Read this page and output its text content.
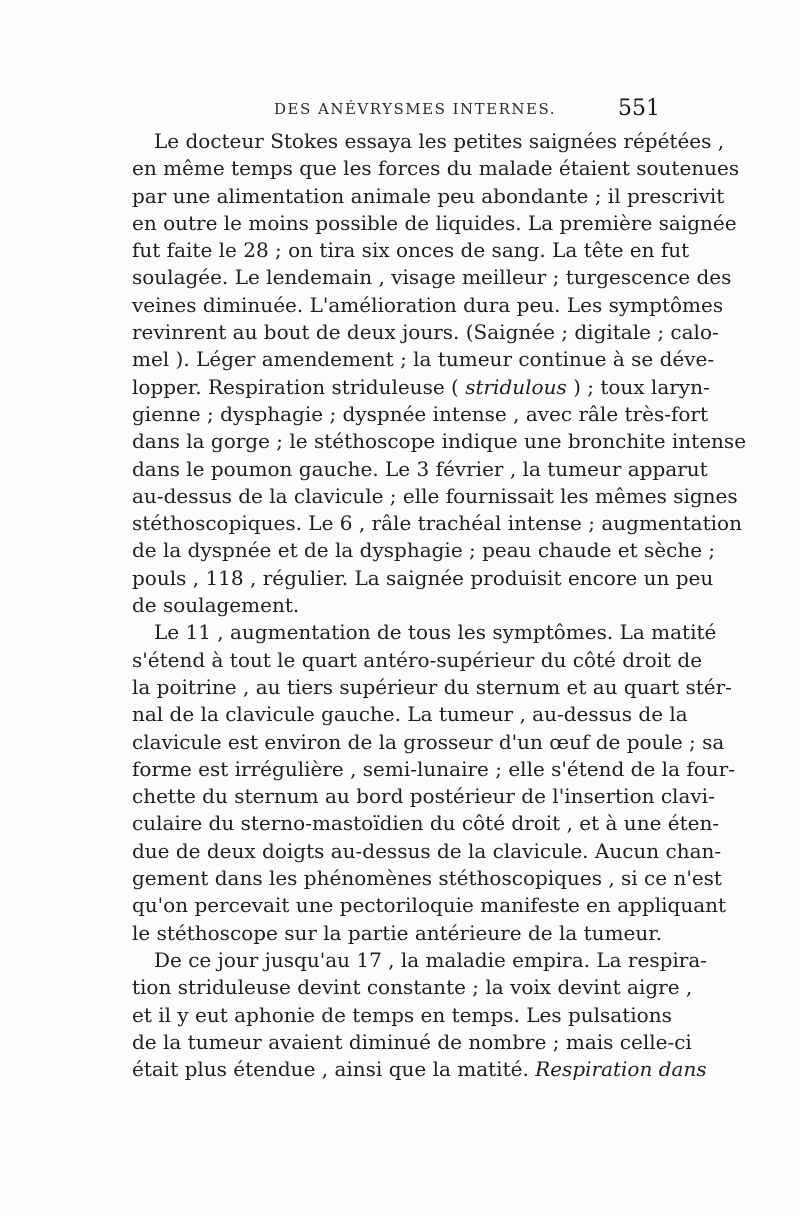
DES ANÉVRYSMES INTERNES.	551
Le docteur Stokes essaya les petites saignées répétées ,
en même temps que les forces du malade étaient soutenues
par une alimentation animale peu abondante ; il prescrivit
en outre le moins possible de liquides. La première saignée
fut faite le 28 ; on tira six onces de sang. La tête en fut
soulagée. Le lendemain , visage meilleur ; turgescence des
veines diminuée. L'amélioration dura peu. Les symptômes
revinrent au bout de deux jours. (Saignée ; digitale ; calo-
mel ). Léger amendement ; la tumeur continue à se déve-
lopper. Respiration striduleuse ( stridulous ) ; toux laryn-
gienne ; dysphagie ; dyspnée intense , avec râle très-fort
dans la gorge ; le stéthoscope indique une bronchite intense
dans le poumon gauche. Le 3 février , la tumeur apparut
au-dessus de la clavicule ; elle fournissait les mêmes signes
stéthoscopiques. Le 6 , râle trachéal intense ; augmentation
de la dyspnée et de la dysphagie ; peau chaude et sèche ;
pouls , 118 , régulier. La saignée produisit encore un peu
de soulagement.
Le 11 , augmentation de tous les symptômes. La matité
s'étend à tout le quart antéro-supérieur du côté droit de
la poitrine , au tiers supérieur du sternum et au quart stér-
nal de la clavicule gauche. La tumeur , au-dessus de la
clavicule est environ de la grosseur d'un œuf de poule ; sa
forme est irrégulière , semi-lunaire ; elle s'étend de la four-
chette du sternum au bord postérieur de l'insertion clavi-
culaire du sterno-mastoïdien du côté droit , et à une éten-
due de deux doigts au-dessus de la clavicule. Aucun chan-
gement dans les phénomènes stéthoscopiques , si ce n'est
qu'on percevait une pectoriloquie manifeste en appliquant
le stéthoscope sur la partie antérieure de la tumeur.
De ce jour jusqu'au 17 , la maladie empira. La respira-
tion striduleuse devint constante ; la voix devint aigre ,
et il y eut aphonie de temps en temps. Les pulsations
de la tumeur avaient diminué de nombre ; mais celle-ci
était plus étendue , ainsi que la matité. Respiration dans
